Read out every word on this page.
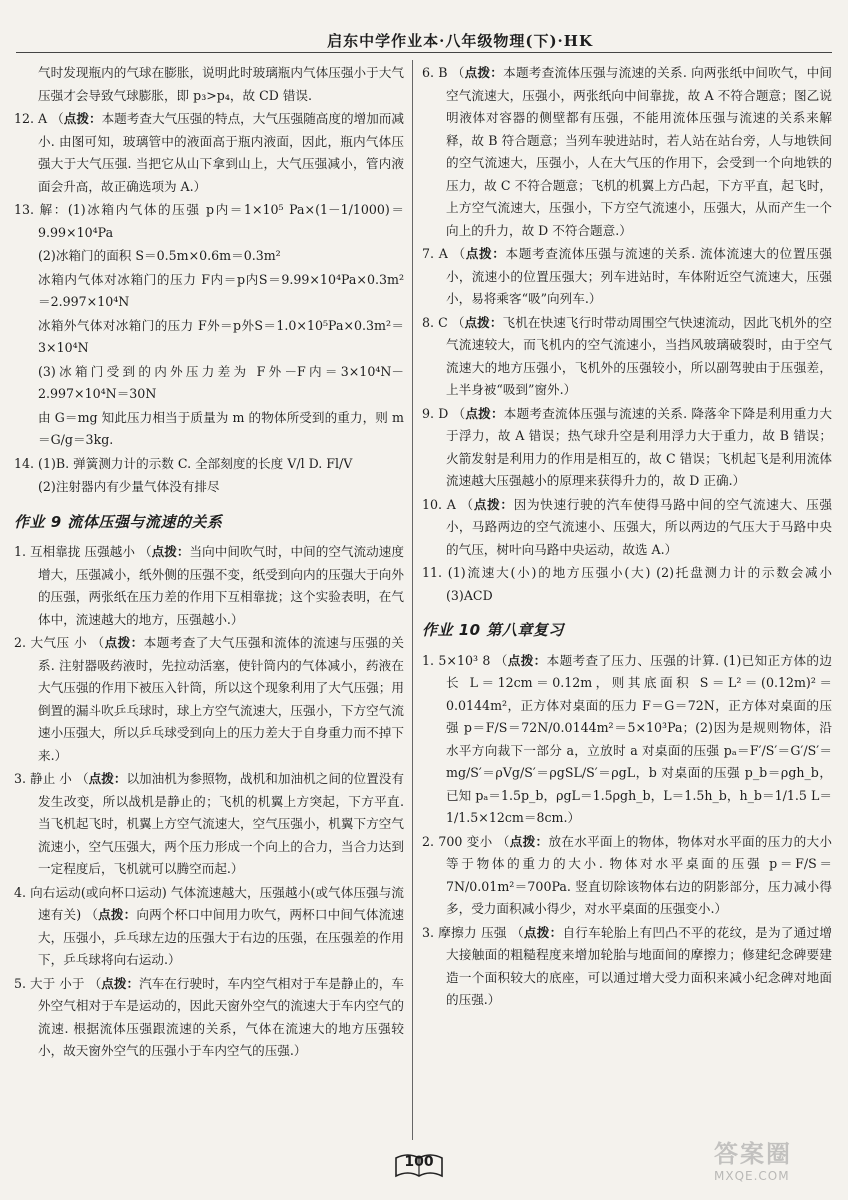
启东中学作业本·八年级物理(下)·HK

气时发现瓶内的气球在膨胀，说明此时玻璃瓶内气体压强小于大气压强才会导致气球膨胀，即 p₃>p₄，故 CD 错误.

12. A （点拨：本题考查大气压强的特点，大气压强随高度的增加而减小. 由图可知，玻璃管中的液面高于瓶内液面，因此，瓶内气体压强大于大气压强. 当把它从山下拿到山上，大气压强减小，管内液面会升高，故正确选项为 A.）

13. 解：(1)冰箱内气体的压强 p内＝1×10⁵ Pa×(1－1/1000)＝9.99×10⁴Pa

(2)冰箱门的面积 S＝0.5m×0.6m＝0.3m²

冰箱内气体对冰箱门的压力 F内＝p内S＝9.99×10⁴Pa×0.3m²＝2.997×10⁴N

冰箱外气体对冰箱门的压力 F外＝p外S＝1.0×10⁵Pa×0.3m²＝3×10⁴N

(3)冰箱门受到的内外压力差为 F外－F内＝3×10⁴N－2.997×10⁴N＝30N

由 G＝mg 知此压力相当于质量为 m 的物体所受到的重力，则 m＝G/g＝3kg.

14. (1)B. 弹簧测力计的示数 C. 全部刻度的长度 V/l D. Fl/V

(2)注射器内有少量气体没有排尽

作业 9 流体压强与流速的关系

1. 互相靠拢 压强越小 （点拨：当向中间吹气时，中间的空气流动速度增大，压强减小，纸外侧的压强不变，纸受到向内的压强大于向外的压强，两张纸在压力差的作用下互相靠拢；这个实验表明，在气体中，流速越大的地方，压强越小.）

2. 大气压 小 （点拨：本题考查了大气压强和流体的流速与压强的关系. 注射器吸药液时，先拉动活塞，使针筒内的气体减小，药液在大气压强的作用下被压入针筒，所以这个现象利用了大气压强；用倒置的漏斗吹乒乓球时，球上方空气流速大，压强小，下方空气流速小压强大，所以乒乓球受到向上的压力差大于自身重力而不掉下来.）

3. 静止 小 （点拨：以加油机为参照物，战机和加油机之间的位置没有发生改变，所以战机是静止的；飞机的机翼上方突起，下方平直. 当飞机起飞时，机翼上方空气流速大，空气压强小，机翼下方空气流速小，空气压强大，两个压力形成一个向上的合力，当合力达到一定程度后，飞机就可以腾空而起.）

4. 向右运动(或向杯口运动) 气体流速越大，压强越小(或气体压强与流速有关) （点拨：向两个杯口中间用力吹气，两杯口中间气体流速大，压强小，乒乓球左边的压强大于右边的压强，在压强差的作用下，乒乓球将向右运动.）

5. 大于 小于 （点拨：汽车在行驶时，车内空气相对于车是静止的，车外空气相对于车是运动的，因此天窗外空气的流速大于车内空气的流速. 根据流体压强跟流速的关系，气体在流速大的地方压强较小，故天窗外空气的压强小于车内空气的压强.）

6. B （点拨：本题考查流体压强与流速的关系. 向两张纸中间吹气，中间空气流速大，压强小，两张纸向中间靠拢，故 A 不符合题意；图乙说明液体对容器的侧壁都有压强，不能用流体压强与流速的关系来解释，故 B 符合题意；当列车驶进站时，若人站在站台旁，人与地铁间的空气流速大，压强小，人在大气压的作用下，会受到一个向地铁的压力，故 C 不符合题意；飞机的机翼上方凸起，下方平直，起飞时，上方空气流速大，压强小，下方空气流速小，压强大，从而产生一个向上的升力，故 D 不符合题意.）

7. A （点拨：本题考查流体压强与流速的关系. 流体流速大的位置压强小，流速小的位置压强大；列车进站时，车体附近空气流速大，压强小，易将乘客“吸”向列车.）

8. C （点拨：飞机在快速飞行时带动周围空气快速流动，因此飞机外的空气流速较大，而飞机内的空气流速小，当挡风玻璃破裂时，由于空气流速大的地方压强小，飞机外的压强较小，所以副驾驶由于压强差，上半身被“吸到”窗外.）

9. D （点拨：本题考查流体压强与流速的关系. 降落伞下降是利用重力大于浮力，故 A 错误；热气球升空是利用浮力大于重力，故 B 错误；火箭发射是利用力的作用是相互的，故 C 错误；飞机起飞是利用流体流速越大压强越小的原理来获得升力的，故 D 正确.）

10. A （点拨：因为快速行驶的汽车使得马路中间的空气流速大、压强小，马路两边的空气流速小、压强大，所以两边的气压大于马路中央的气压，树叶向马路中央运动，故选 A.）

11. (1)流速大(小)的地方压强小(大) (2)托盘测力计的示数会减小 (3)ACD

作业 10 第八章复习

1. 5×10³ 8 （点拨：本题考查了压力、压强的计算. (1)已知正方体的边长 L＝12cm＝0.12m，则其底面积 S＝L²＝(0.12m)²＝0.0144m²，正方体对桌面的压力 F＝G＝72N，正方体对桌面的压强 p＝F/S＝72N/0.0144m²＝5×10³Pa；(2)因为是规则物体，沿水平方向裁下一部分 a，立放时 a 对桌面的压强 pₐ＝F′/S′＝G′/S′＝mg/S′＝ρVg/S′＝ρgSL/S′＝ρgL，b 对桌面的压强 p_b＝ρgh_b，已知 pₐ＝1.5p_b，ρgL＝1.5ρgh_b，L＝1.5h_b，h_b＝1/1.5 L＝1/1.5×12cm＝8cm.）

2. 700 变小 （点拨：放在水平面上的物体，物体对水平面的压力的大小等于物体的重力的大小. 物体对水平桌面的压强 p＝F/S＝7N/0.01m²＝700Pa. 竖直切除该物体右边的阴影部分，压力减小得多，受力面积减小得少，对水平桌面的压强变小.）

3. 摩擦力 压强 （点拨：自行车轮胎上有凹凸不平的花纹，是为了通过增大接触面的粗糙程度来增加轮胎与地面间的摩擦力；修建纪念碑要建造一个面积较大的底座，可以通过增大受力面积来减小纪念碑对地面的压强.）

100	答案圈
MXQE.COM
